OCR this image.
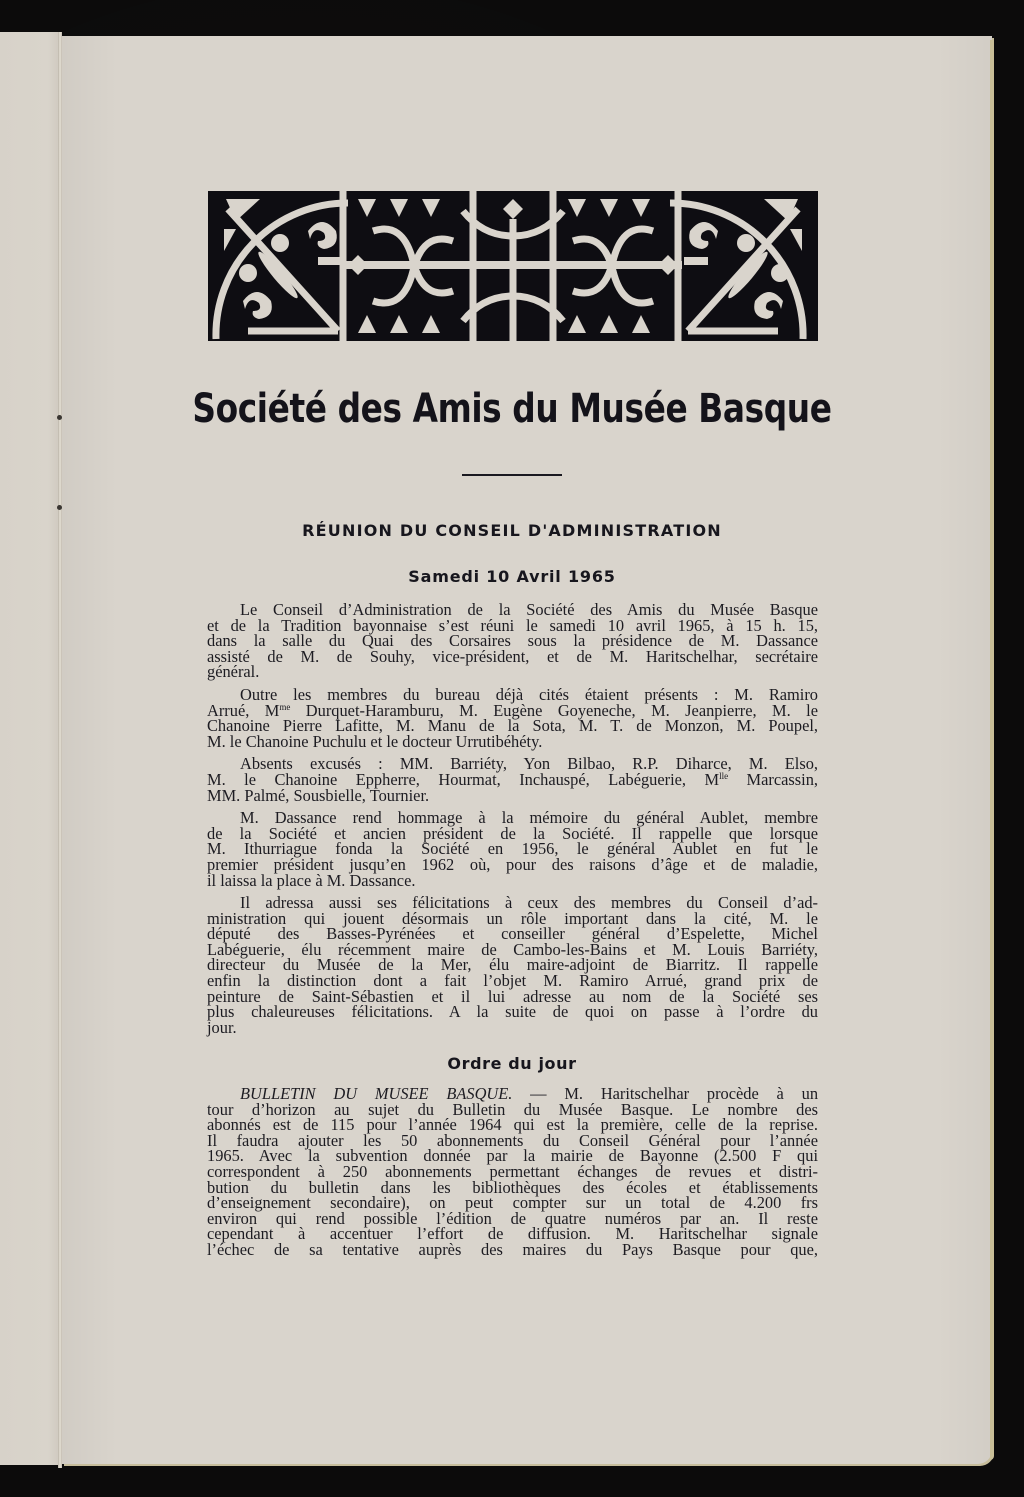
Société des Amis du Musée Basque
RÉUNION DU CONSEIL D'ADMINISTRATION
Samedi 10 Avril 1965
Le Conseil d’Administration de la Société des Amis du Musée Basque
et de la Tradition bayonnaise s’est réuni le samedi 10 avril 1965, à 15 h. 15,
dans la salle du Quai des Corsaires sous la présidence de M. Dassance
assisté de M. de Souhy, vice-président, et de M. Haritschelhar, secrétaire
général.
Outre les membres du bureau déjà cités étaient présents : M. Ramiro
Arrué, $M^{me}$ Durquet-Haramburu, M. Eugène Goyeneche, M. Jeanpierre, M. le
Chanoine Pierre Lafitte, M. Manu de la Sota, M. T. de Monzon, M. Poupel,
M. le Chanoine Puchulu et le docteur Urrutibéhéty.
Absents excusés : MM. Barriéty, Yon Bilbao, R.P. Diharce, M. Elso,
M. le Chanoine Eppherre, Hourmat, Inchauspé, Labéguerie, $M^{lle}$ Marcassin,
MM. Palmé, Sousbielle, Tournier.
M. Dassance rend hommage à la mémoire du général Aublet, membre
de la Société et ancien président de la Société. Il rappelle que lorsque
M. Ithurriague fonda la Société en 1956, le général Aublet en fut le
premier président jusqu’en 1962 où, pour des raisons d’âge et de maladie,
il laissa la place à M. Dassance.
Il adressa aussi ses félicitations à ceux des membres du Conseil d’ad-
ministration qui jouent désormais un rôle important dans la cité, M. le
député des Basses-Pyrénées et conseiller général d’Espelette, Michel
Labéguerie, élu récemment maire de Cambo-les-Bains et M. Louis Barriéty,
directeur du Musée de la Mer, élu maire-adjoint de Biarritz. Il rappelle
enfin la distinction dont a fait l’objet M. Ramiro Arrué, grand prix de
peinture de Saint-Sébastien et il lui adresse au nom de la Société ses
plus chaleureuses félicitations. A la suite de quoi on passe à l’ordre du
jour.
Ordre du jour
BULLETIN DU MUSEE BASQUE. — M. Haritschelhar procède à un
tour d’horizon au sujet du Bulletin du Musée Basque. Le nombre des
abonnés est de 115 pour l’année 1964 qui est la première, celle de la reprise.
Il faudra ajouter les 50 abonnements du Conseil Général pour l’année
1965. Avec la subvention donnée par la mairie de Bayonne (2.500 F qui
correspondent à 250 abonnements permettant échanges de revues et distri-
bution du bulletin dans les bibliothèques des écoles et établissements
d’enseignement secondaire), on peut compter sur un total de 4.200 frs
environ qui rend possible l’édition de quatre numéros par an. Il reste
cependant à accentuer l’effort de diffusion. M. Haritschelhar signale
l’échec de sa tentative auprès des maires du Pays Basque pour que,
